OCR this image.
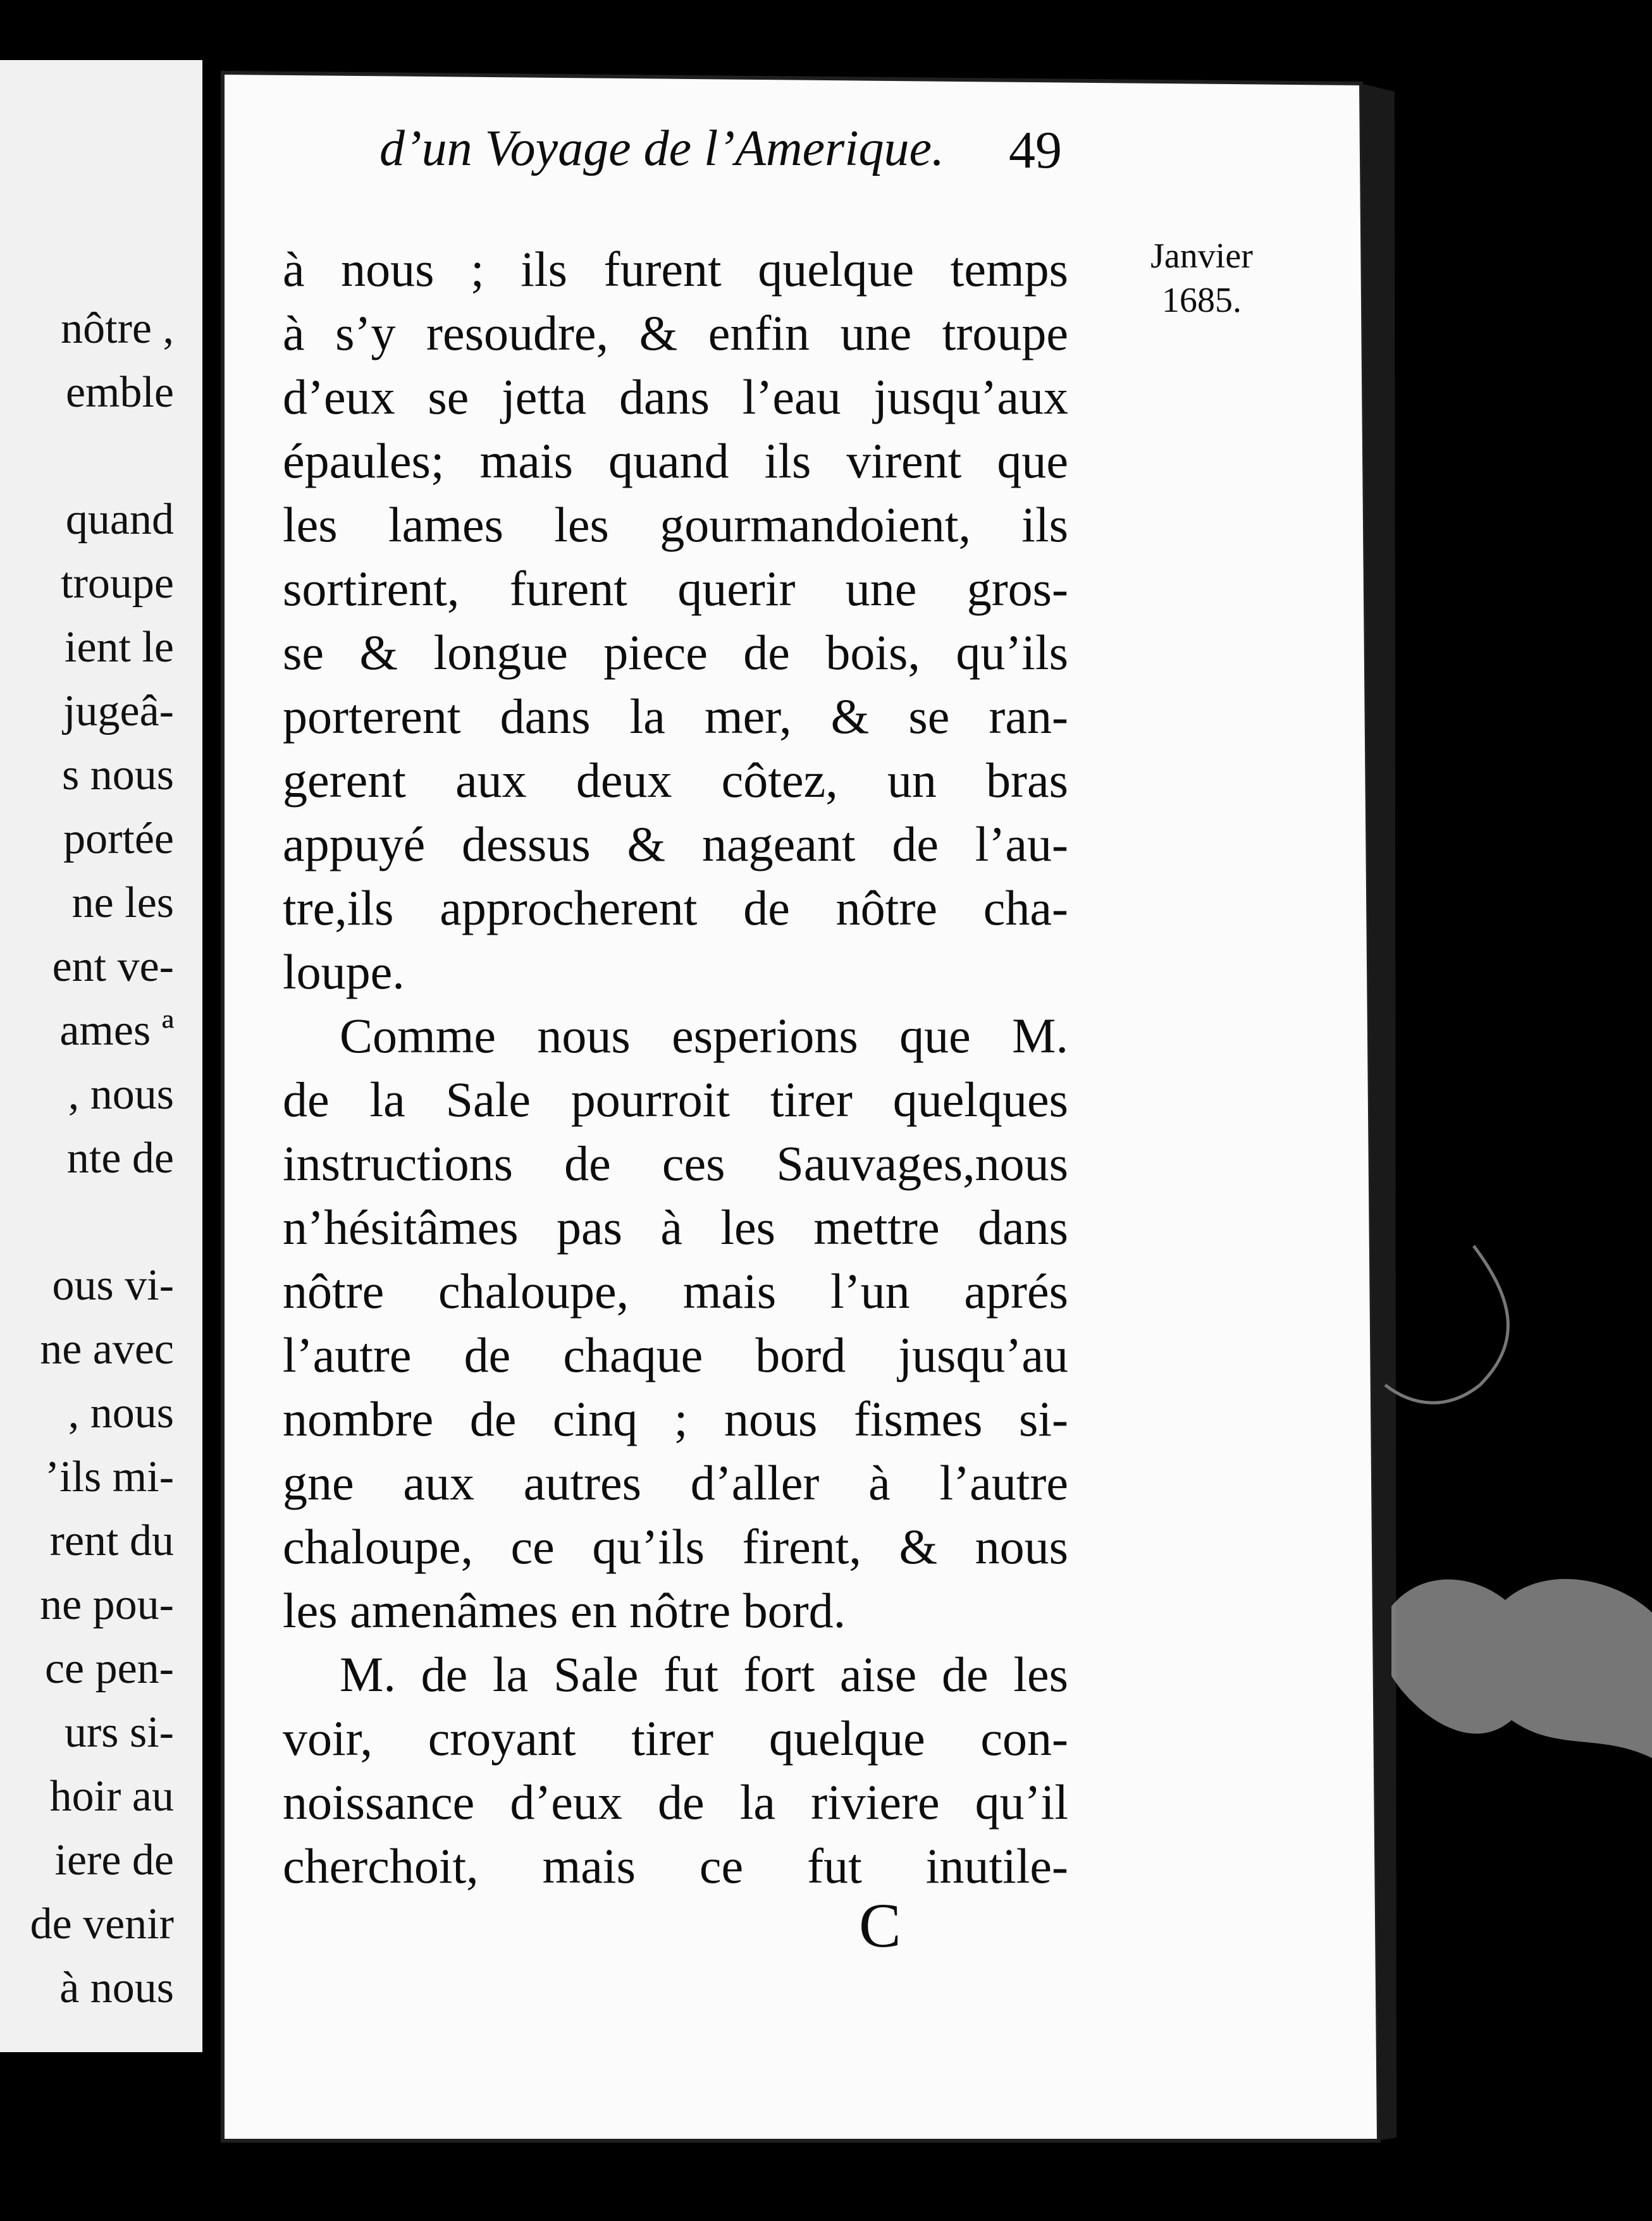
nôtre ,
emble
quand
troupe
ient le
jugeâ-
s nous
portée
ne les
ent ve-
ames ª
, nous
nte de
ous vi-
ne avec
, nous
’ils mi-
rent du
ne pou-
ce pen-
urs si-
hoir au
iere de
de venir
à nous
d’un Voyage de l’Amerique. 49
Janvier
1685.
à nous ; ils furent quelque temps
à s’y resoudre, & enfin une troupe
d’eux se jetta dans l’eau jusqu’aux
épaules; mais quand ils virent que
les lames les gourmandoient, ils
sortirent, furent querir une gros-
se & longue piece de bois, qu’ils
porterent dans la mer, & se ran-
gerent aux deux côtez, un bras
appuyé dessus & nageant de l’au-
tre,ils approcherent de nôtre cha-
loupe.
Comme nous esperions que M.
de la Sale pourroit tirer quelques
instructions de ces Sauvages,nous
n’hésitâmes pas à les mettre dans
nôtre chaloupe, mais l’un aprés
l’autre de chaque bord jusqu’au
nombre de cinq ; nous fismes si-
gne aux autres d’aller à l’autre
chaloupe, ce qu’ils firent, & nous
les amenâmes en nôtre bord.
M. de la Sale fut fort aise de les
voir, croyant tirer quelque con-
noissance d’eux de la riviere qu’il
cherchoit, mais ce fut inutile-
C
